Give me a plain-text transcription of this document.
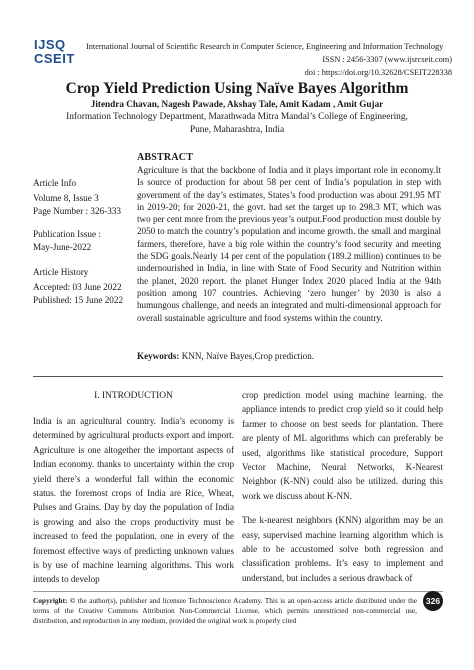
IJSQ
CSEIT
International Journal of Scientific Research in Computer Science, Engineering and Information Technology
ISSN : 2456-3307 (www.ijsrcseit.com)
doi : https://doi.org/10.32628/CSEIT228338
Crop Yield Prediction Using Naïve Bayes Algorithm
Jitendra Chavan, Nagesh Pawade, Akshay Tale, Amit Kadam , Amit Gujar
Information Technology Department, Marathwada Mitra Mandal’s College of Engineering,
Pune, Maharashtra, India
Article Info
Volume 8, Issue 3
Page Number : 326-333
Publication Issue :
May-June-2022
Article History
Accepted: 03 June 2022
Published: 15 June 2022
ABSTRACT
Agriculture is that the backbone of India and it plays important role in economy.It Is source of production for about 58 per cent of India’s population in step with government of the day’s estimates, States’s food production was about 291.95 MT in 2019-20; for 2020-21, the govt. had set the target up to 298.3 MT, which was two per cent more from the previous year’s output.Food production must double by 2050 to match the country’s population and income growth. the small and marginal farmers, therefore, have a big role within the country’s food security and meeting the SDG goals.Nearly 14 per cent of the population (189.2 million) continues to be undernourished in India, in line with State of Food Security and Nutrition within the planet, 2020 report. the planet Hunger Index 2020 placed India at the 94th position among 107 countries. Achieving ‘zero hunger’ by 2030 is also a humungous challenge, and needs an integrated and multi-dimensional approach for overall sustainable agriculture and food systems within the country.
Keywords: KNN, Naïve Bayes,Crop prediction.
I. INTRODUCTION
India is an agricultural country. India’s economy is determined by agricultural products export and import. Agriculture is one altogether the important aspects of Indian economy. thanks to uncertainty within the crop yield there’s a wonderful fall within the economic status. the foremost crops of India are Rice, Wheat, Pulses and Grains. Day by day the population of India is growing and also the crops productivity must be increased to feed the population. one in every of the foremost effective ways of predicting unknown values is by use of machine learning algorithms. This work intends to develop

crop prediction model using machine learning. the appliance intends to predict crop yield so it could help farmer to choose on best seeds for plantation. There are plenty of ML algorithms which can preferably be used, algorithms like statistical procedure, Support Vector Machine, Neural Networks, K-Nearest Neighbor (K-NN) could also be utilized. during this work we discuss about K-NN.

The k-nearest neighbors (KNN) algorithm may be an easy, supervised machine learning algorithm which is able to be accustomed solve both regression and classification problems. It’s easy to implement and understand, but includes a serious drawback of

Copyright: © the author(s), publisher and licensee Technoscience Academy. This is an open-access article distributed under the terms of the Creative Commons Attribution Non-Commercial License, which permits unrestricted non-commercial use, distribution, and reproduction in any medium, provided the original work is properly cited
326
